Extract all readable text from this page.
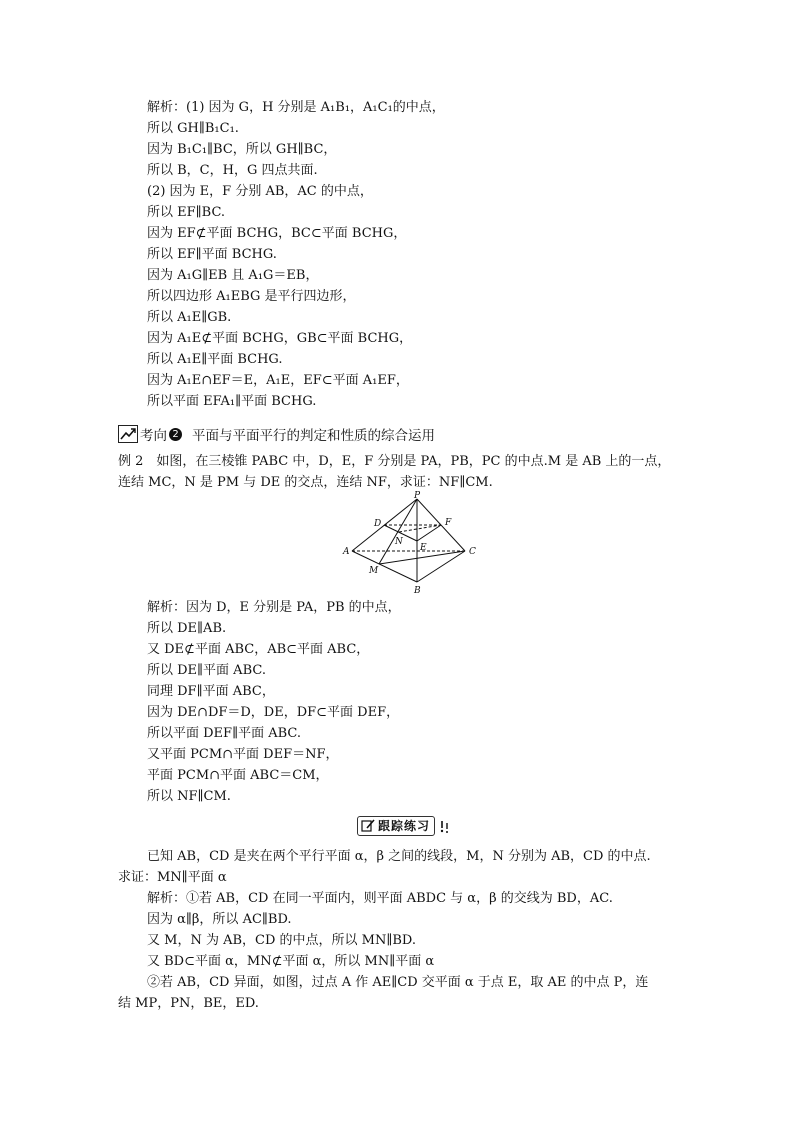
解析：(1) 因为 G，H 分别是 A₁B₁，A₁C₁的中点，
所以 GH∥B₁C₁.
因为 B₁C₁∥BC，所以 GH∥BC，
所以 B，C，H，G 四点共面.
(2) 因为 E，F 分别 AB，AC 的中点，
所以 EF∥BC.
因为 EF⊄平面 BCHG，BC⊂平面 BCHG，
所以 EF∥平面 BCHG.
因为 A₁G∥EB 且 A₁G＝EB，
所以四边形 A₁EBG 是平行四边形，
所以 A₁E∥GB.
因为 A₁E⊄平面 BCHG，GB⊂平面 BCHG，
所以 A₁E∥平面 BCHG.
因为 A₁E∩EF＝E，A₁E，EF⊂平面 A₁EF，
所以平面 EFA₁∥平面 BCHG.
考向 2 平面与平面平行的判定和性质的综合运用
例 2　如图，在三棱锥 PABC 中，D，E，F 分别是 PA，PB，PC 的中点.M 是 AB 上的一点，
连结 MC，N 是 PM 与 DE 的交点，连结 NF，求证：NF∥CM.
P
D	F
N
E
A	C
M
B
解析：因为 D，E 分别是 PA，PB 的中点，
所以 DE∥AB.
又 DE⊄平面 ABC，AB⊂平面 ABC，
所以 DE∥平面 ABC.
同理 DF∥平面 ABC，
因为 DE∩DF＝D，DE，DF⊂平面 DEF，
所以平面 DEF∥平面 ABC.
又平面 PCM∩平面 DEF＝NF，
平面 PCM∩平面 ABC＝CM，
所以 NF∥CM.
跟踪练习
已知 AB，CD 是夹在两个平行平面 α，β 之间的线段，M，N 分别为 AB，CD 的中点.
求证：MN∥平面 α
解析：①若 AB，CD 在同一平面内，则平面 ABDC 与 α，β 的交线为 BD，AC.
因为 α∥β，所以 AC∥BD.
又 M，N 为 AB，CD 的中点，所以 MN∥BD.
又 BD⊂平面 α，MN⊄平面 α，所以 MN∥平面 α
②若 AB，CD 异面，如图，过点 A 作 AE∥CD 交平面 α 于点 E，取 AE 的中点 P，连
结 MP，PN，BE，ED.
